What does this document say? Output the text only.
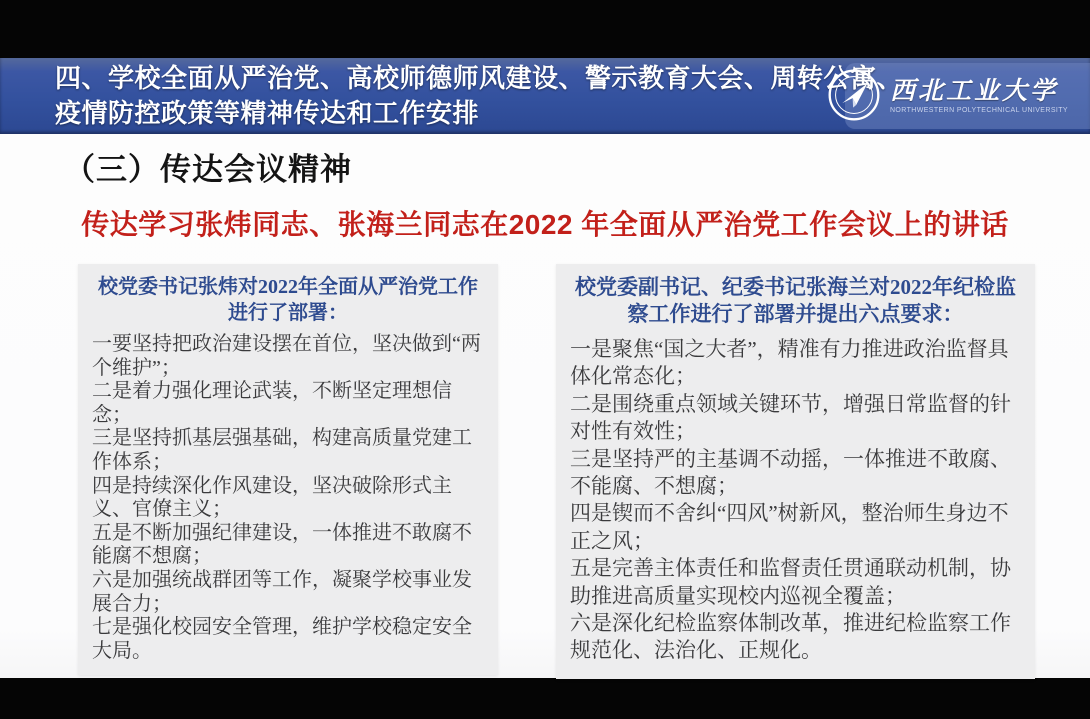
四、学校全面从严治党、高校师德师风建设、警示教育大会、周转公寓、
疫情防控政策等精神传达和工作安排
西北工业大学
NORTHWESTERN POLYTECHNICAL UNIVERSITY
（三）传达会议精神
传达学习张炜同志、张海兰同志在2022 年全面从严治党工作会议上的讲话
校党委书记张炜对2022年全面从严治党工作进行了部署：
一要坚持把政治建设摆在首位，坚决做到“两个维护”；
二是着力强化理论武装，不断坚定理想信念；
三是坚持抓基层强基础，构建高质量党建工作体系；
四是持续深化作风建设，坚决破除形式主义、官僚主义；
五是不断加强纪律建设，一体推进不敢腐不能腐不想腐；
六是加强统战群团等工作，凝聚学校事业发展合力；
七是强化校园安全管理，维护学校稳定安全大局。
校党委副书记、纪委书记张海兰对2022年纪检监察工作进行了部署并提出六点要求：
一是聚焦“国之大者”，精准有力推进政治监督具体化常态化；
二是围绕重点领域关键环节，增强日常监督的针对性有效性；
三是坚持严的主基调不动摇，一体推进不敢腐、不能腐、不想腐；
四是锲而不舍纠“四风”树新风，整治师生身边不正之风；
五是完善主体责任和监督责任贯通联动机制，协助推进高质量实现校内巡视全覆盖；
六是深化纪检监察体制改革，推进纪检监察工作规范化、法治化、正规化。
